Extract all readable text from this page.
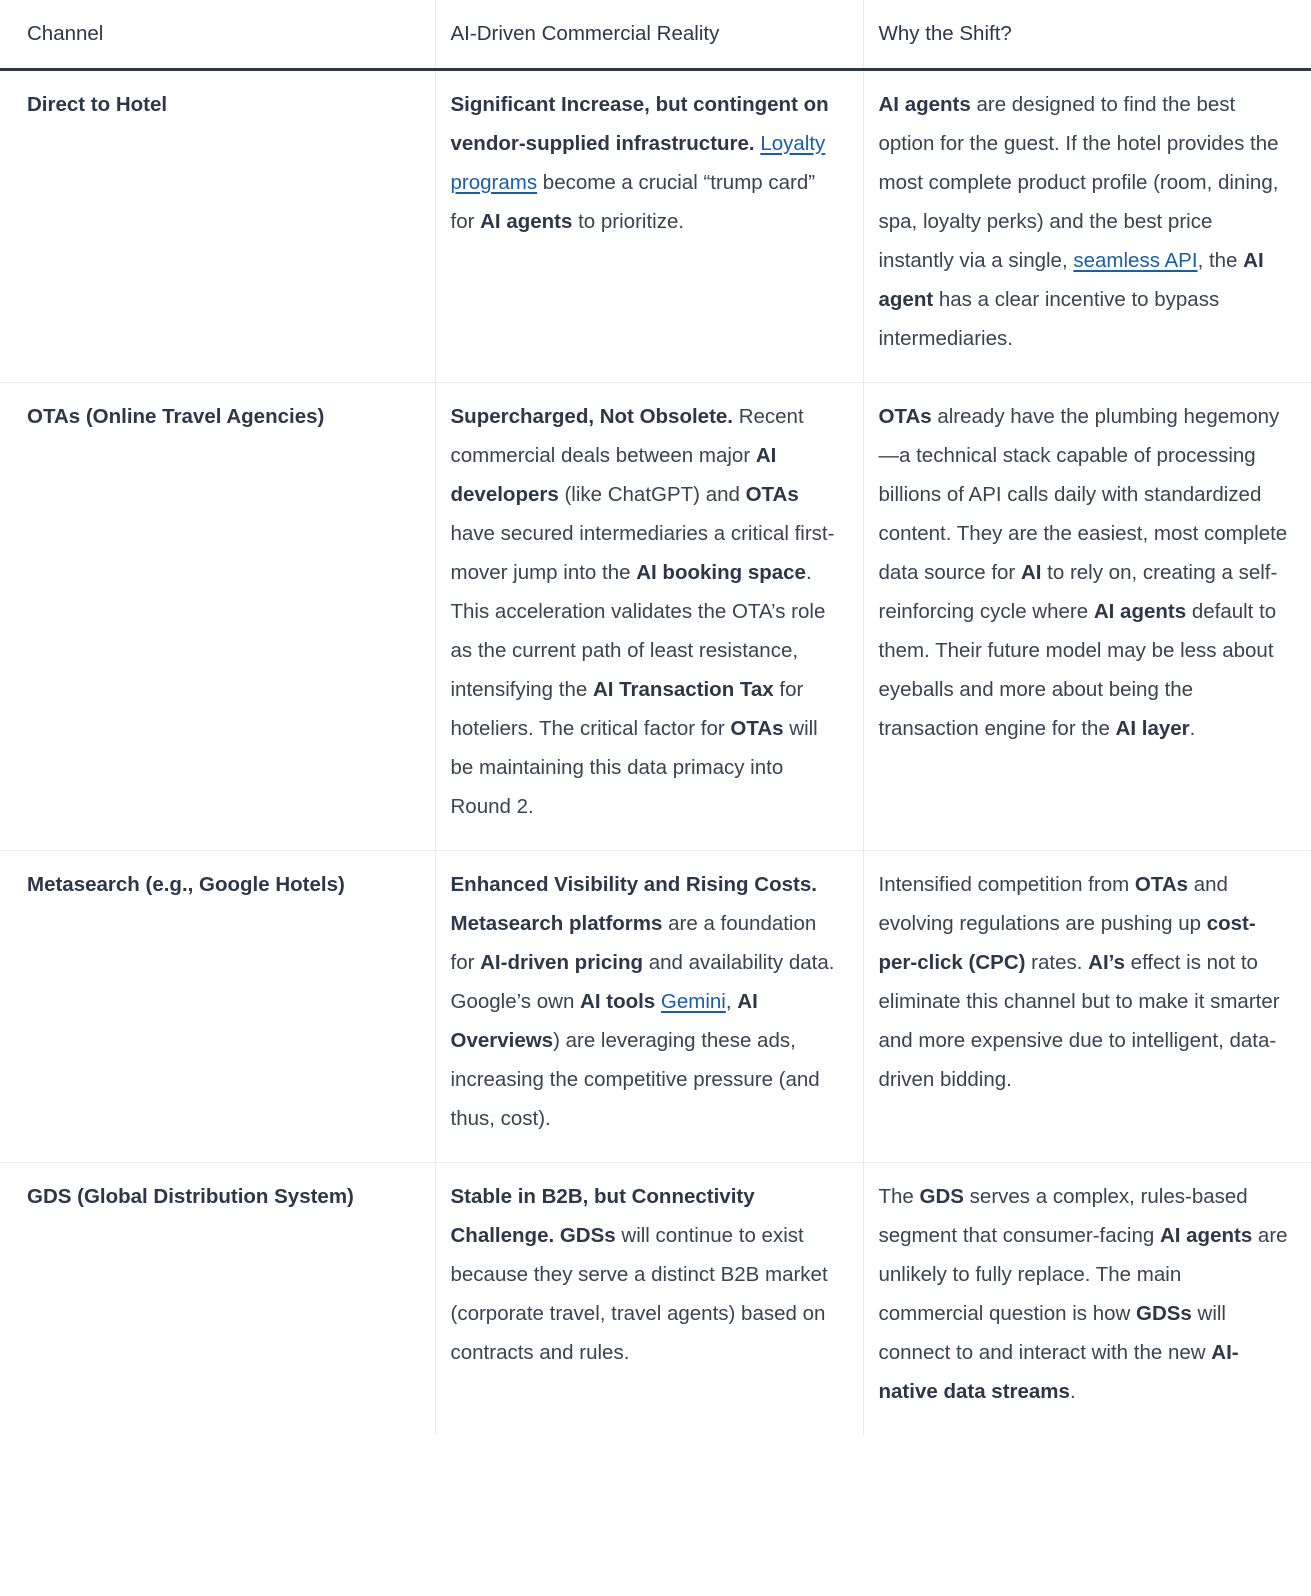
Channel	AI-Driven Commercial Reality	Why the Shift?
Direct to Hotel	Significant Increase, but contingent on vendor-supplied infrastructure. Loyalty programs become a crucial “trump card” for AI agents to prioritize.	AI agents are designed to find the best option for the guest. If the hotel provides the most complete product profile (room, dining, spa, loyalty perks) and the best price instantly via a single, seamless API, the AI agent has a clear incentive to bypass intermediaries.
OTAs (Online Travel Agencies)	Supercharged, Not Obsolete. Recent commercial deals between major AI developers (like ChatGPT) and OTAs have secured intermediaries a critical first-mover jump into the AI booking space. This acceleration validates the OTA’s role as the current path of least resistance, intensifying the AI Transaction Tax for hoteliers. The critical factor for OTAs will be maintaining this data primacy into Round 2.	OTAs already have the plumbing hegemony—a technical stack capable of processing billions of API calls daily with standardized content. They are the easiest, most complete data source for AI to rely on, creating a self-reinforcing cycle where AI agents default to them. Their future model may be less about eyeballs and more about being the transaction engine for the AI layer.
Metasearch (e.g., Google Hotels)	Enhanced Visibility and Rising Costs. Metasearch platforms are a foundation for AI-driven pricing and availability data. Google’s own AI tools Gemini, AI Overviews) are leveraging these ads, increasing the competitive pressure (and thus, cost).	Intensified competition from OTAs and evolving regulations are pushing up cost-per-click (CPC) rates. AI’s effect is not to eliminate this channel but to make it smarter and more expensive due to intelligent, data-driven bidding.
GDS (Global Distribution System)	Stable in B2B, but Connectivity Challenge. GDSs will continue to exist because they serve a distinct B2B market (corporate travel, travel agents) based on contracts and rules.	The GDS serves a complex, rules-based segment that consumer-facing AI agents are unlikely to fully replace. The main commercial question is how GDSs will connect to and interact with the new AI-native data streams.
